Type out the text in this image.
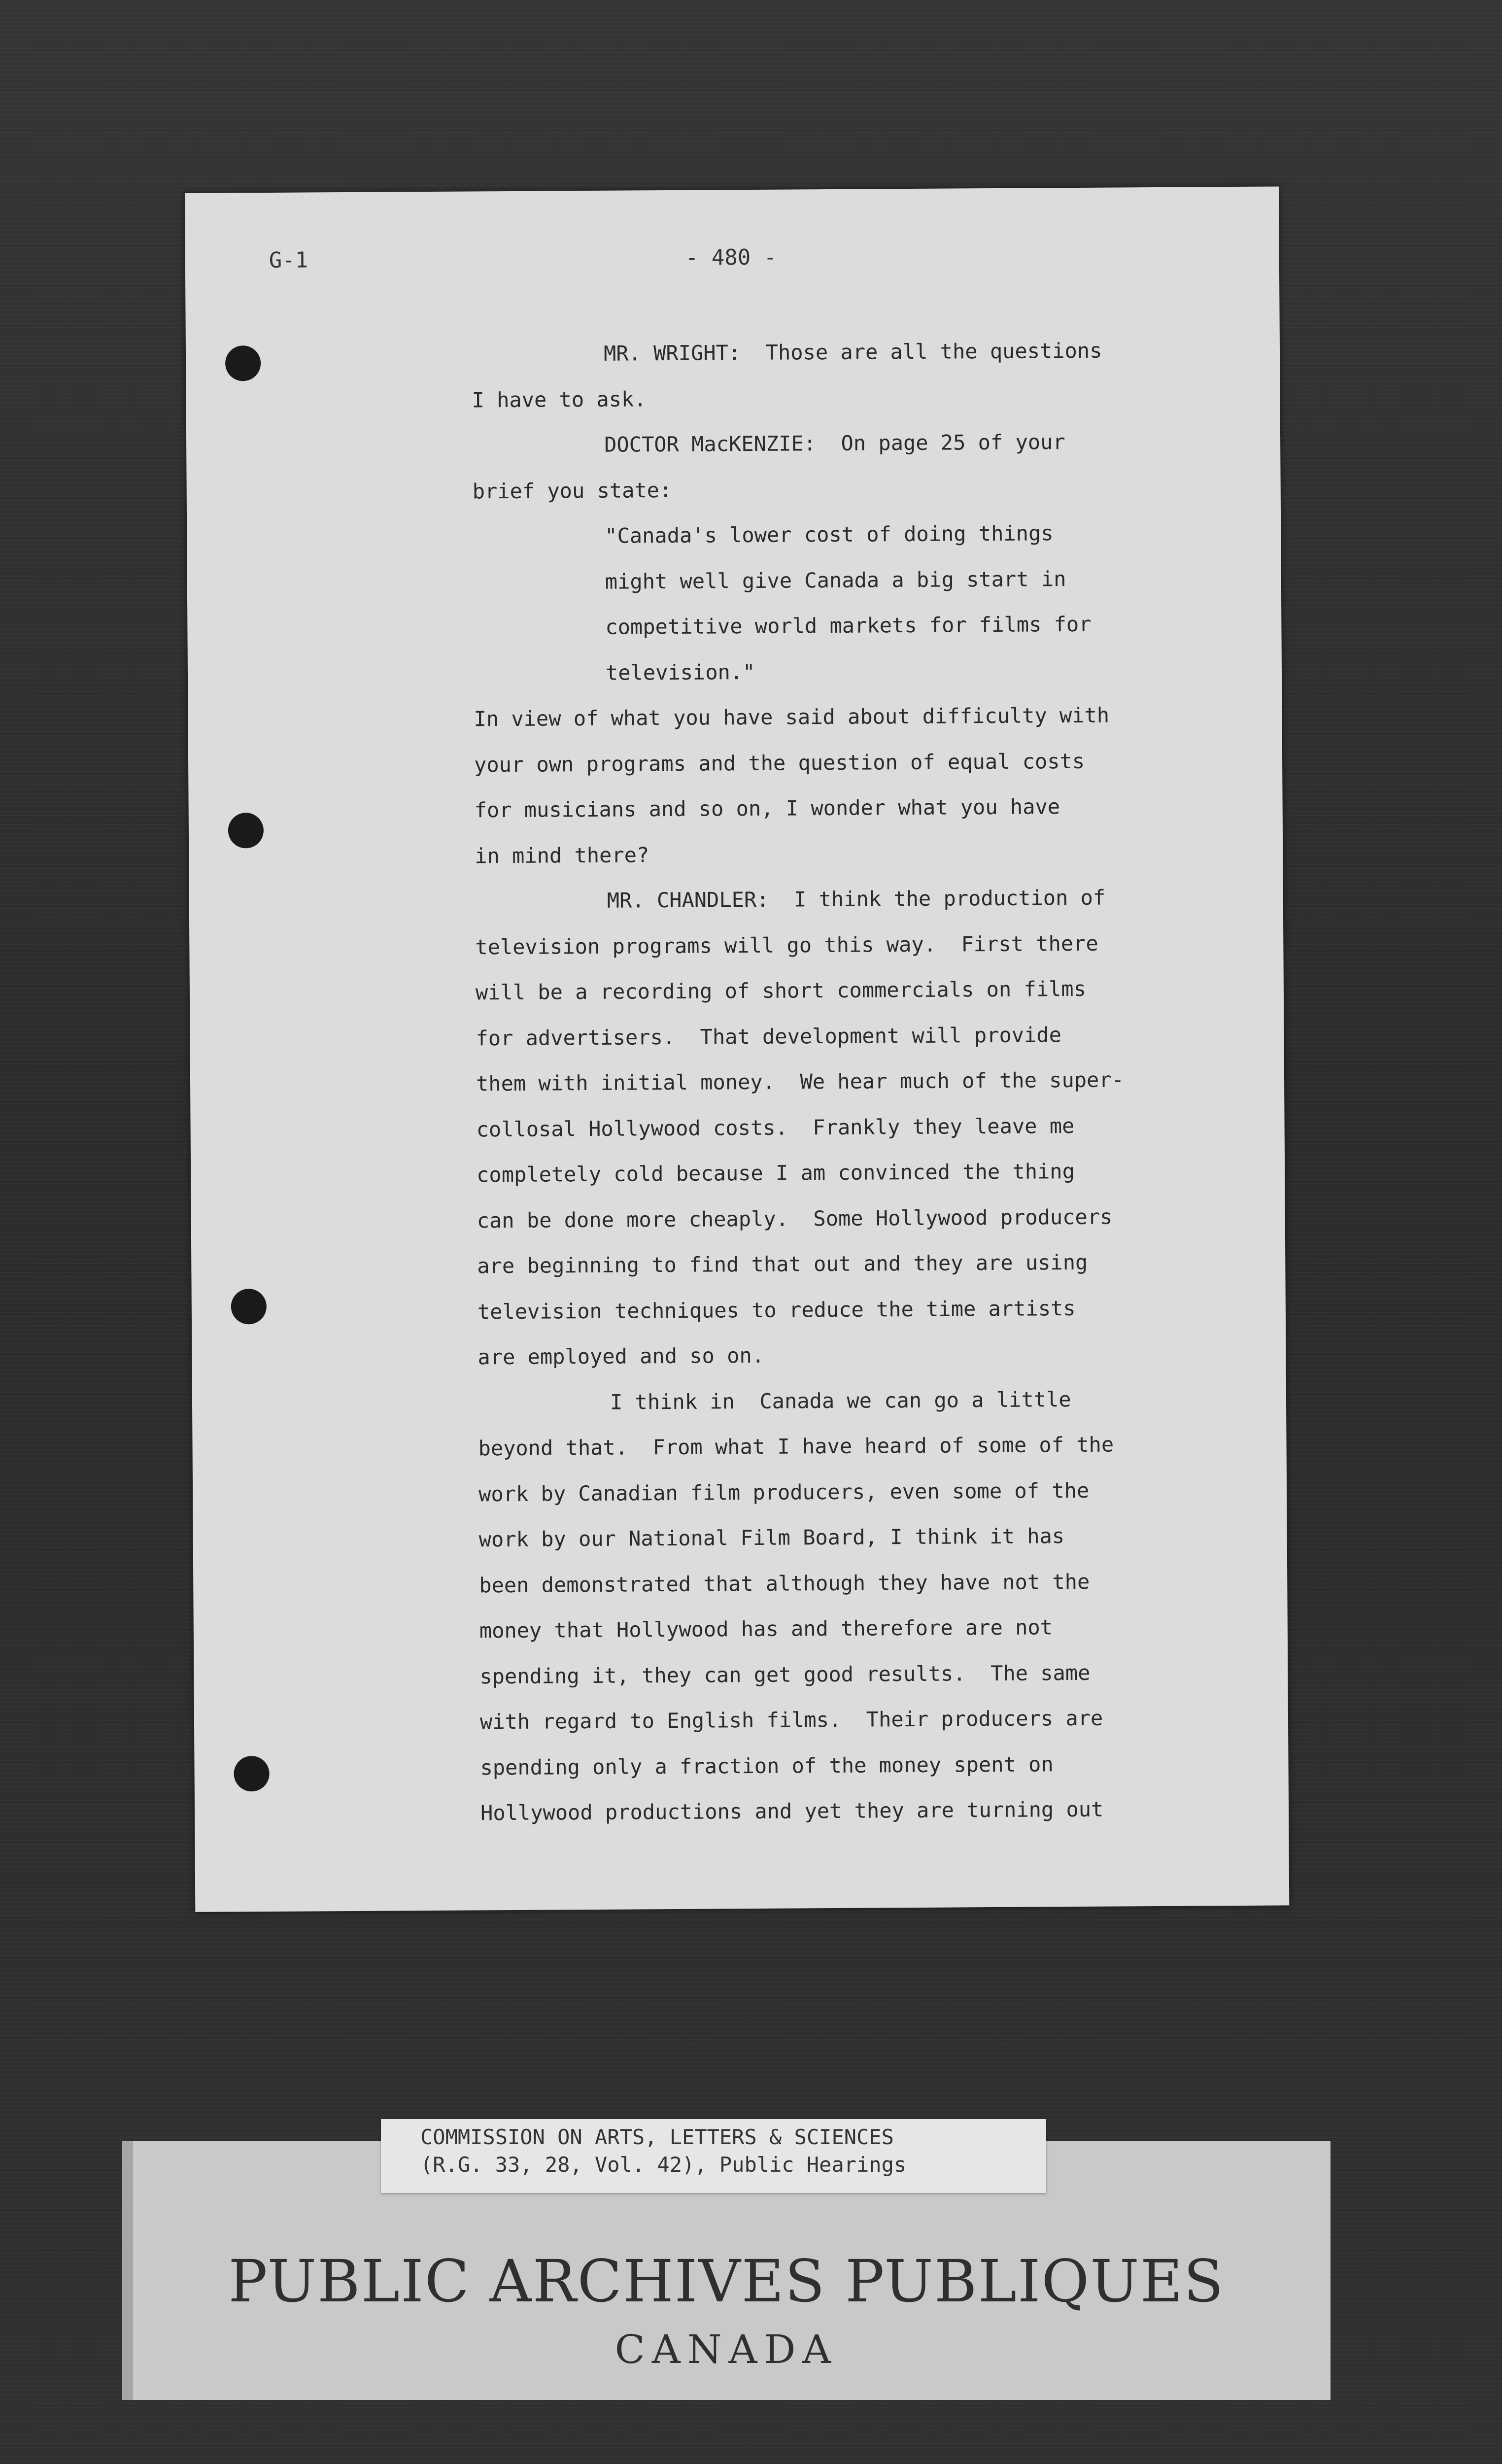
G-1	- 480 -

MR. WRIGHT:  Those are all the questions

I have to ask.

DOCTOR MacKENZIE:  On page 25 of your

brief you state:

"Canada's lower cost of doing things

might well give Canada a big start in

competitive world markets for films for

television."

In view of what you have said about difficulty with

your own programs and the question of equal costs

for musicians and so on, I wonder what you have

in mind there?

MR. CHANDLER:  I think the production of

television programs will go this way.  First there

will be a recording of short commercials on films

for advertisers.  That development will provide

them with initial money.  We hear much of the super-

collosal Hollywood costs.  Frankly they leave me

completely cold because I am convinced the thing

can be done more cheaply.  Some Hollywood producers

are beginning to find that out and they are using

television techniques to reduce the time artists

are employed and so on.

I think in  Canada we can go a little

beyond that.  From what I have heard of some of the

work by Canadian film producers, even some of the

work by our National Film Board, I think it has

been demonstrated that although they have not the

money that Hollywood has and therefore are not

spending it, they can get good results.  The same

with regard to English films.  Their producers are

spending only a fraction of the money spent on

Hollywood productions and yet they are turning out

COMMISSION ON ARTS, LETTERS & SCIENCES

(R.G. 33, 28, Vol. 42), Public Hearings

PUBLIC ARCHIVES PUBLIQUES

CANADA
